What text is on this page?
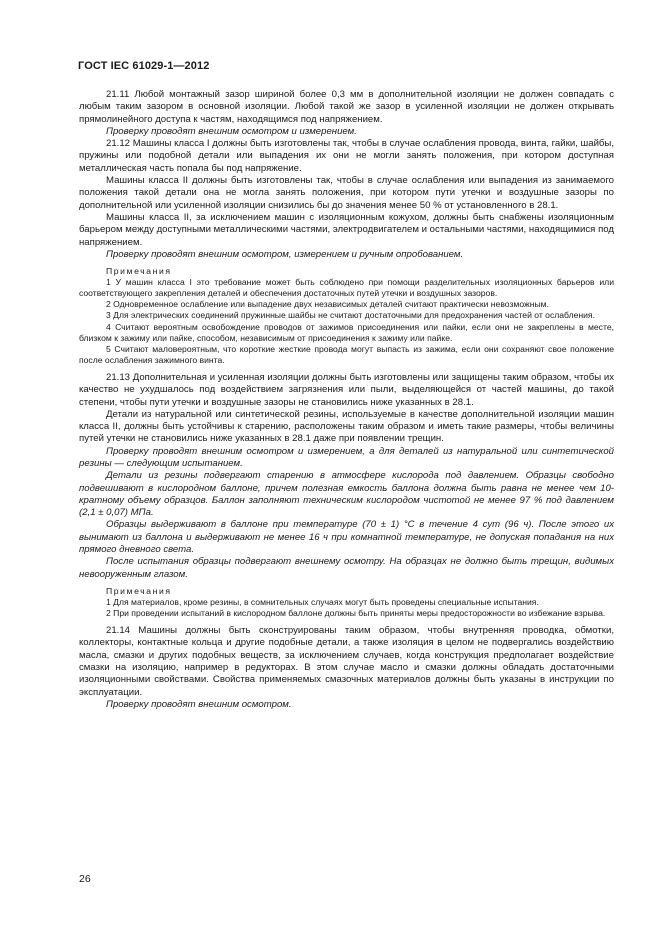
ГОСТ IEC 61029-1—2012

21.11 Любой монтажный зазор шириной более 0,3 мм в дополнительной изоляции не должен совпадать с любым таким зазором в основной изоляции. Любой такой же зазор в усиленной изоляции не должен открывать прямолинейного доступа к частям, находящимся под напряжением.

Проверку проводят внешним осмотром и измерением.

21.12 Машины класса I должны быть изготовлены так, чтобы в случае ослабления провода, винта, гайки, шайбы, пружины или подобной детали или выпадения их они не могли занять положения, при котором доступная металлическая часть попала бы под напряжение.

Машины класса II должны быть изготовлены так, чтобы в случае ослабления или выпадения из занимаемого положения такой детали она не могла занять положения, при котором пути утечки и воздушные зазоры по дополнительной или усиленной изоляции снизились бы до значения менее 50 % от установленного в 28.1.

Машины класса II, за исключением машин с изоляционным кожухом, должны быть снабжены изоляционным барьером между доступными металлическими частями, электродвигателем и остальными частями, находящимися под напряжением.

Проверку проводят внешним осмотром, измерением и ручным опробованием.

Примечания

1 У машин класса I это требование может быть соблюдено при помощи разделительных изоляционных барьеров или соответствующего закрепления деталей и обеспечения достаточных путей утечки и воздушных зазоров.

2 Одновременное ослабление или выпадение двух независимых деталей считают практически невозможным.

3 Для электрических соединений пружинные шайбы не считают достаточными для предохранения частей от ослабления.

4 Считают вероятным освобождение проводов от зажимов присоединения или пайки, если они не закреплены в месте, близком к зажиму или пайке, способом, независимым от присоединения к зажиму или пайке.

5 Считают маловероятным, что короткие жесткие провода могут выпасть из зажима, если они сохраняют свое положение после ослабления зажимного винта.

21.13 Дополнительная и усиленная изоляции должны быть изготовлены или защищены таким образом, чтобы их качество не ухудшалось под воздействием загрязнения или пыли, выделяющейся от частей машины, до такой степени, чтобы пути утечки и воздушные зазоры не становились ниже указанных в 28.1.

Детали из натуральной или синтетической резины, используемые в качестве дополнительной изоляции машин класса II, должны быть устойчивы к старению, расположены таким образом и иметь такие размеры, чтобы величины путей утечки не становились ниже указанных в 28.1 даже при появлении трещин.

Проверку проводят внешним осмотром и измерением, а для деталей из натуральной или синтетической резины — следующим испытанием.

Детали из резины подвергают старению в атмосфере кислорода под давлением. Образцы свободно подвешивают в кислородном баллоне, причем полезная емкость баллона должна быть равна не менее чем 10-кратному объему образцов. Баллон заполняют техническим кислородом чистотой не менее 97 % под давлением (2,1 ± 0,07) МПа.

Образцы выдерживают в баллоне при температуре (70 ± 1) °С в течение 4 сут (96 ч). После этого их вынимают из баллона и выдерживают не менее 16 ч при комнатной температуре, не допуская попадания на них прямого дневного света.

После испытания образцы подвергают внешнему осмотру. На образцах не должно быть трещин, видимых невооруженным глазом.

Примечания

1 Для материалов, кроме резины, в сомнительных случаях могут быть проведены специальные испытания.

2 При проведении испытаний в кислородном баллоне должны быть приняты меры предосторожности во избежание взрыва.

21.14 Машины должны быть сконструированы таким образом, чтобы внутренняя проводка, обмотки, коллекторы, контактные кольца и другие подобные детали, а также изоляция в целом не подвергались воздействию масла, смазки и других подобных веществ, за исключением случаев, когда конструкция предполагает воздействие смазки на изоляцию, например в редукторах. В этом случае масло и смазки должны обладать достаточными изоляционными свойствами. Свойства применяемых смазочных материалов должны быть указаны в инструкции по эксплуатации.

Проверку проводят внешним осмотром.

26
